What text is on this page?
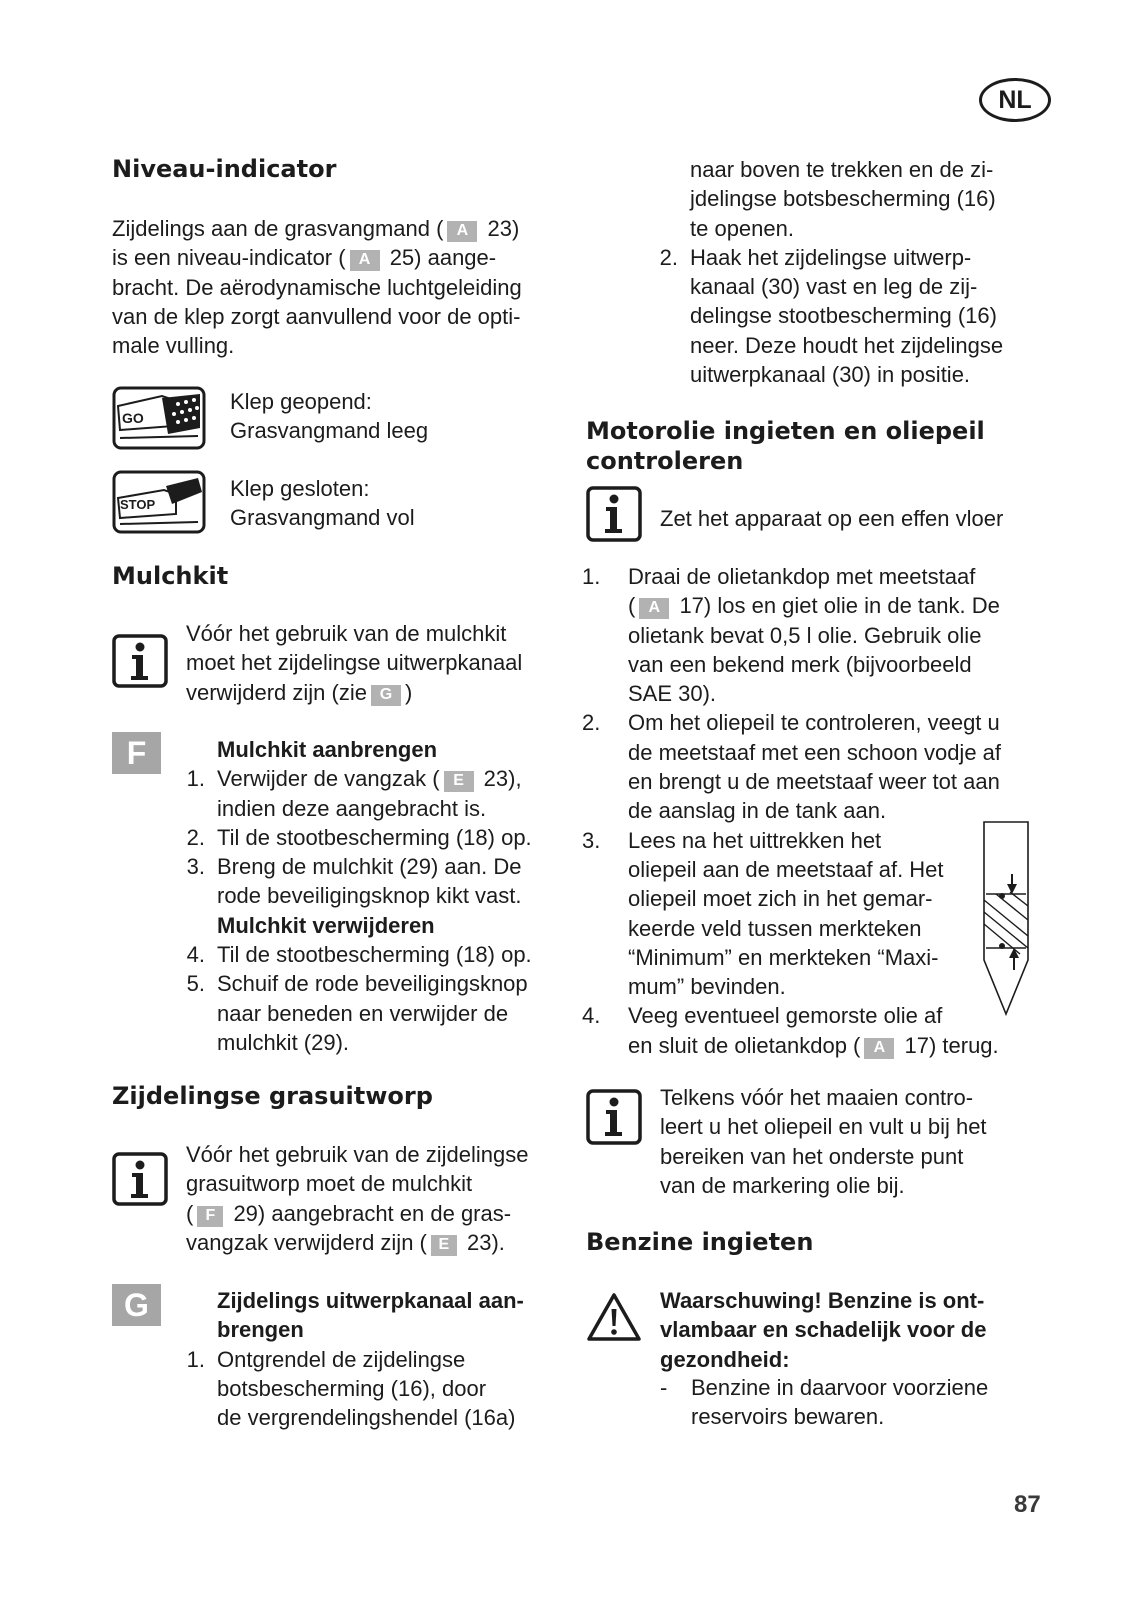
NL
Niveau-indicator
Zijdelings aan de grasvangmand ( A 23)
is een niveau-indicator ( A 25) aange-
bracht. De aërodynamische luchtgeleiding
van de klep zorgt aanvullend voor de opti-
male vulling.
GO
Klep geopend:
Grasvangmand leeg
STOP
Klep gesloten:
Grasvangmand vol
Mulchkit
Vóór het gebruik van de mulchkit
moet het zijdelingse uitwerpkanaal
verwijderd zijn (zie G )
F	Mulchkit aanbrengen
1. Verwijder de vangzak ( E 23),
indien deze aangebracht is.
2. Til de stootbescherming (18) op.
3. Breng de mulchkit (29) aan. De
rode beveiligingsknop kikt vast.
Mulchkit verwijderen
4. Til de stootbescherming (18) op.
5. Schuif de rode beveiligingsknop
naar beneden en verwijder de
mulchkit (29).
Zijdelingse grasuitworp
Vóór het gebruik van de zijdelingse
grasuitworp moet de mulchkit
( F 29) aangebracht en de gras-
vangzak verwijderd zijn ( E 23).
G	Zijdelings uitwerpkanaal aan-
brengen
1. Ontgrendel de zijdelingse
botsbescherming (16), door
de vergrendelingshendel (16a)
naar boven te trekken en de zi-
jdelingse botsbescherming (16)
te openen.
2. Haak het zijdelingse uitwerp-
kanaal (30) vast en leg de zij-
delingse stootbescherming (16)
neer. Deze houdt het zijdelingse
uitwerpkanaal (30) in positie.
Motorolie ingieten en oliepeil
controleren
Zet het apparaat op een effen vloer
1.	Draai de olietankdop met meetstaaf
( A 17) los en giet olie in de tank. De
olietank bevat 0,5 l olie. Gebruik olie
van een bekend merk (bijvoorbeeld
SAE 30).
2.	Om het oliepeil te controleren, veegt u
de meetstaaf met een schoon vodje af
en brengt u de meetstaaf weer tot aan
de aanslag in de tank aan.
3.	Lees na het uittrekken het
oliepeil aan de meetstaaf af. Het
oliepeil moet zich in het gemar-
keerde veld tussen merkteken
“Minimum” en merkteken “Maxi-
mum” bevinden.
4.	Veeg eventueel gemorste olie af
en sluit de olietankdop ( A 17) terug.
Telkens vóór het maaien contro-
leert u het oliepeil en vult u bij het
bereiken van het onderste punt
van de markering olie bij.
Benzine ingieten
Waarschuwing! Benzine is ont-
vlambaar en schadelijk voor de
gezondheid:
- Benzine in daarvoor voorziene
reservoirs bewaren.
87
